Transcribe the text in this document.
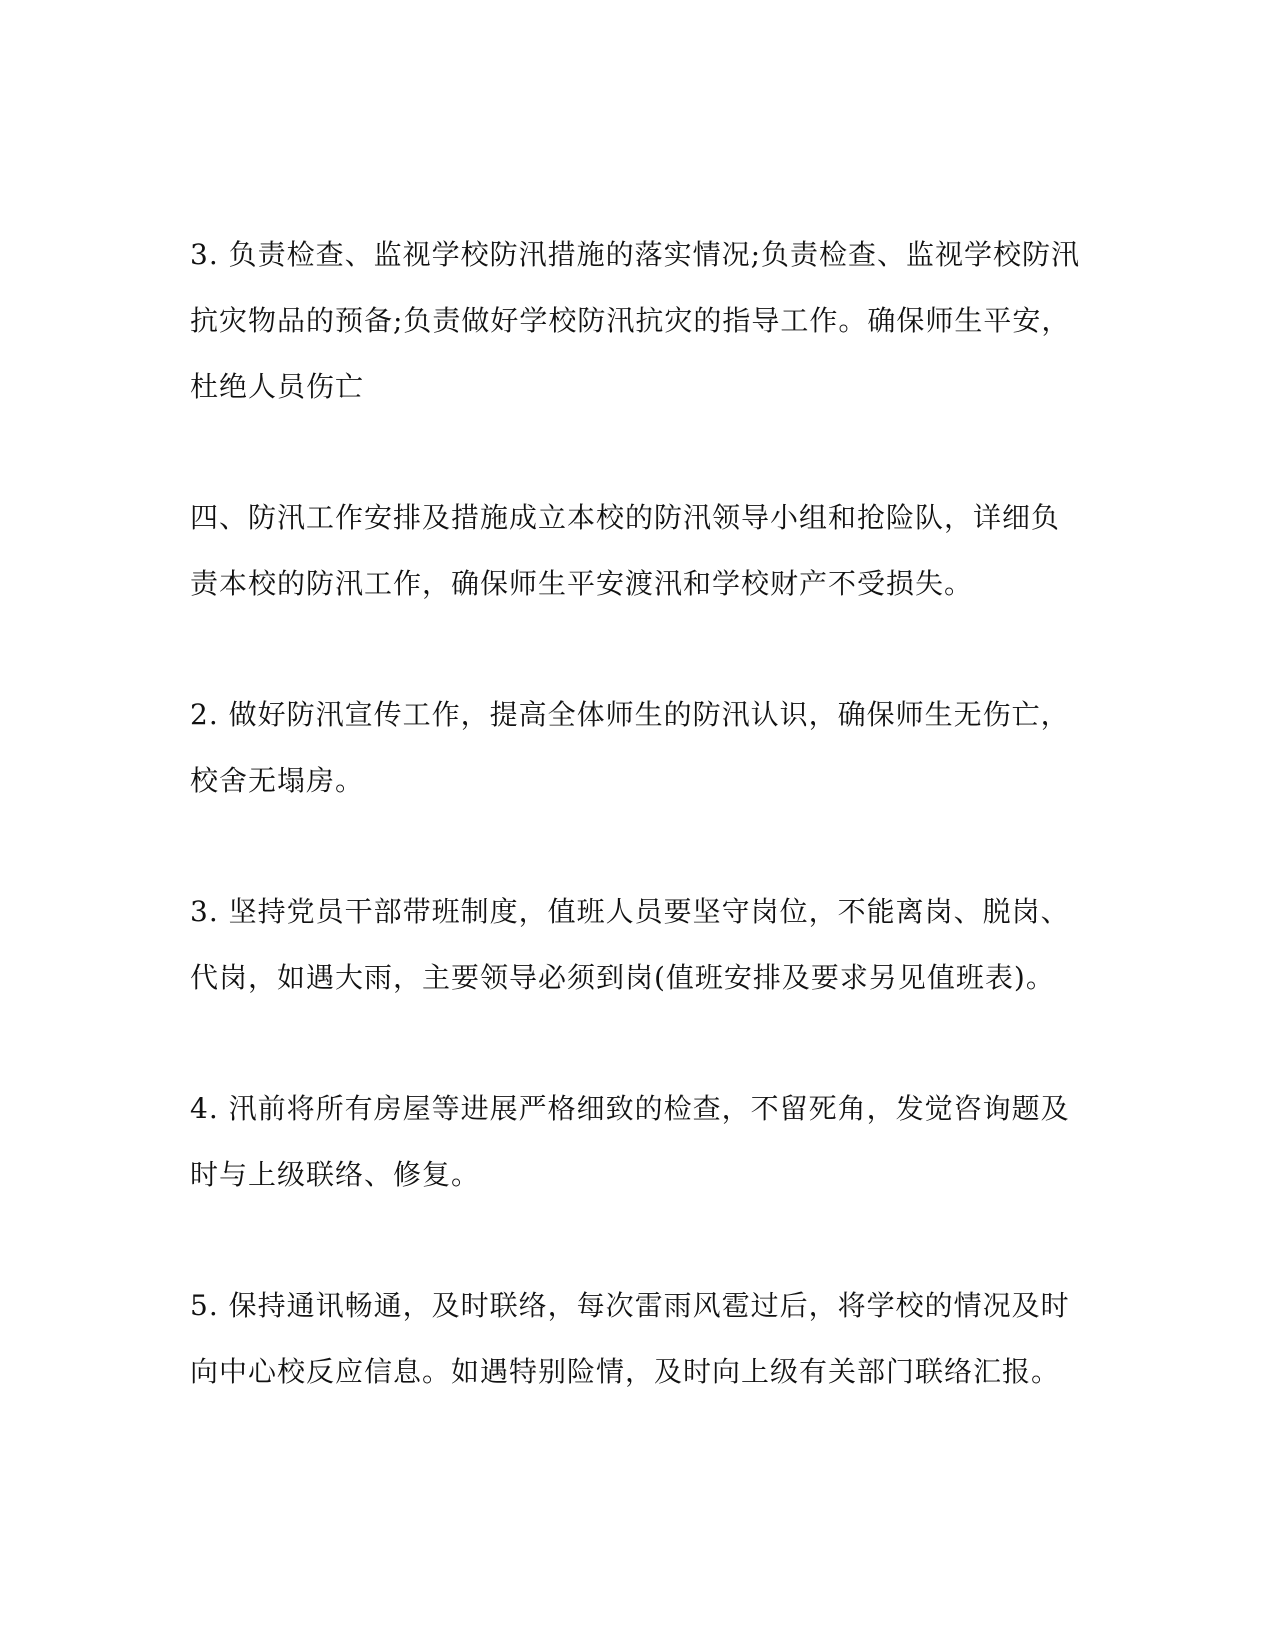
3. 负责检查、监视学校防汛措施的落实情况;负责检查、监视学校防汛
抗灾物品的预备;负责做好学校防汛抗灾的指导工作。确保师生平安，
杜绝人员伤亡
四、防汛工作安排及措施成立本校的防汛领导小组和抢险队，详细负
责本校的防汛工作，确保师生平安渡汛和学校财产不受损失。
2. 做好防汛宣传工作，提高全体师生的防汛认识，确保师生无伤亡，
校舍无塌房。
3. 坚持党员干部带班制度，值班人员要坚守岗位，不能离岗、脱岗、
代岗，如遇大雨，主要领导必须到岗(值班安排及要求另见值班表)。
4. 汛前将所有房屋等进展严格细致的检查，不留死角，发觉咨询题及
时与上级联络、修复。
5. 保持通讯畅通，及时联络，每次雷雨风雹过后，将学校的情况及时
向中心校反应信息。如遇特别险情，及时向上级有关部门联络汇报。
